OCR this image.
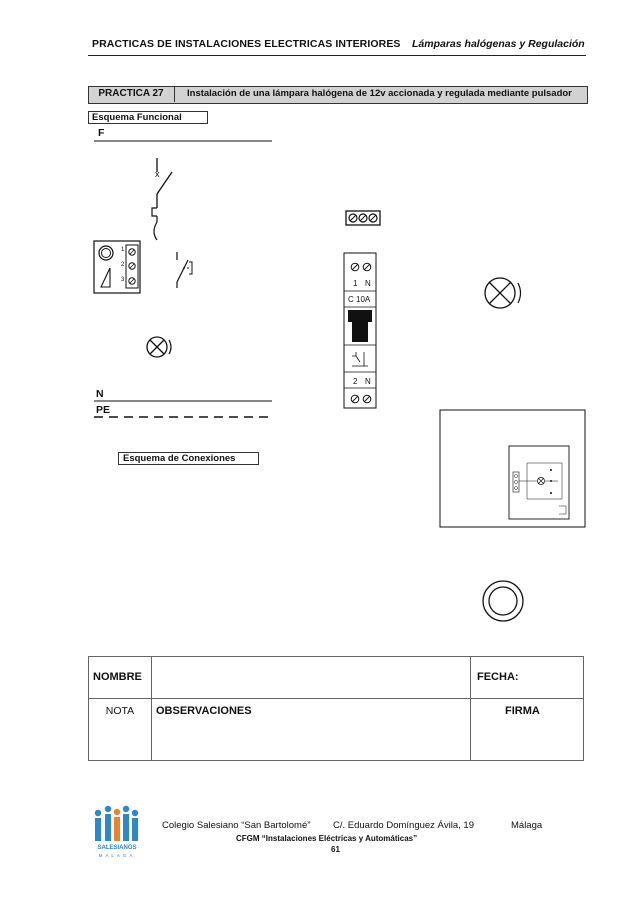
PRACTICAS DE INSTALACIONES ELECTRICAS INTERIORES Lámparas halógenas y Regulación
PRACTICA 27	Instalación de una lámpara halógena de 12v accionada y regulada mediante pulsador
Esquema Funcional
F
N
PE
x
1
2
3	1 N
C 10A
2 N
Esquema de Conexiones
NOMBRE		FECHA:
NOTA	OBSERVACIONES	FIRMA
SALESIANOS
MÁLAGA
Colegio Salesiano “San Bartolomé” C/. Eduardo Domínguez Ávila, 19	Málaga
CFGM “Instalaciones Eléctricas y Automáticas”
61
